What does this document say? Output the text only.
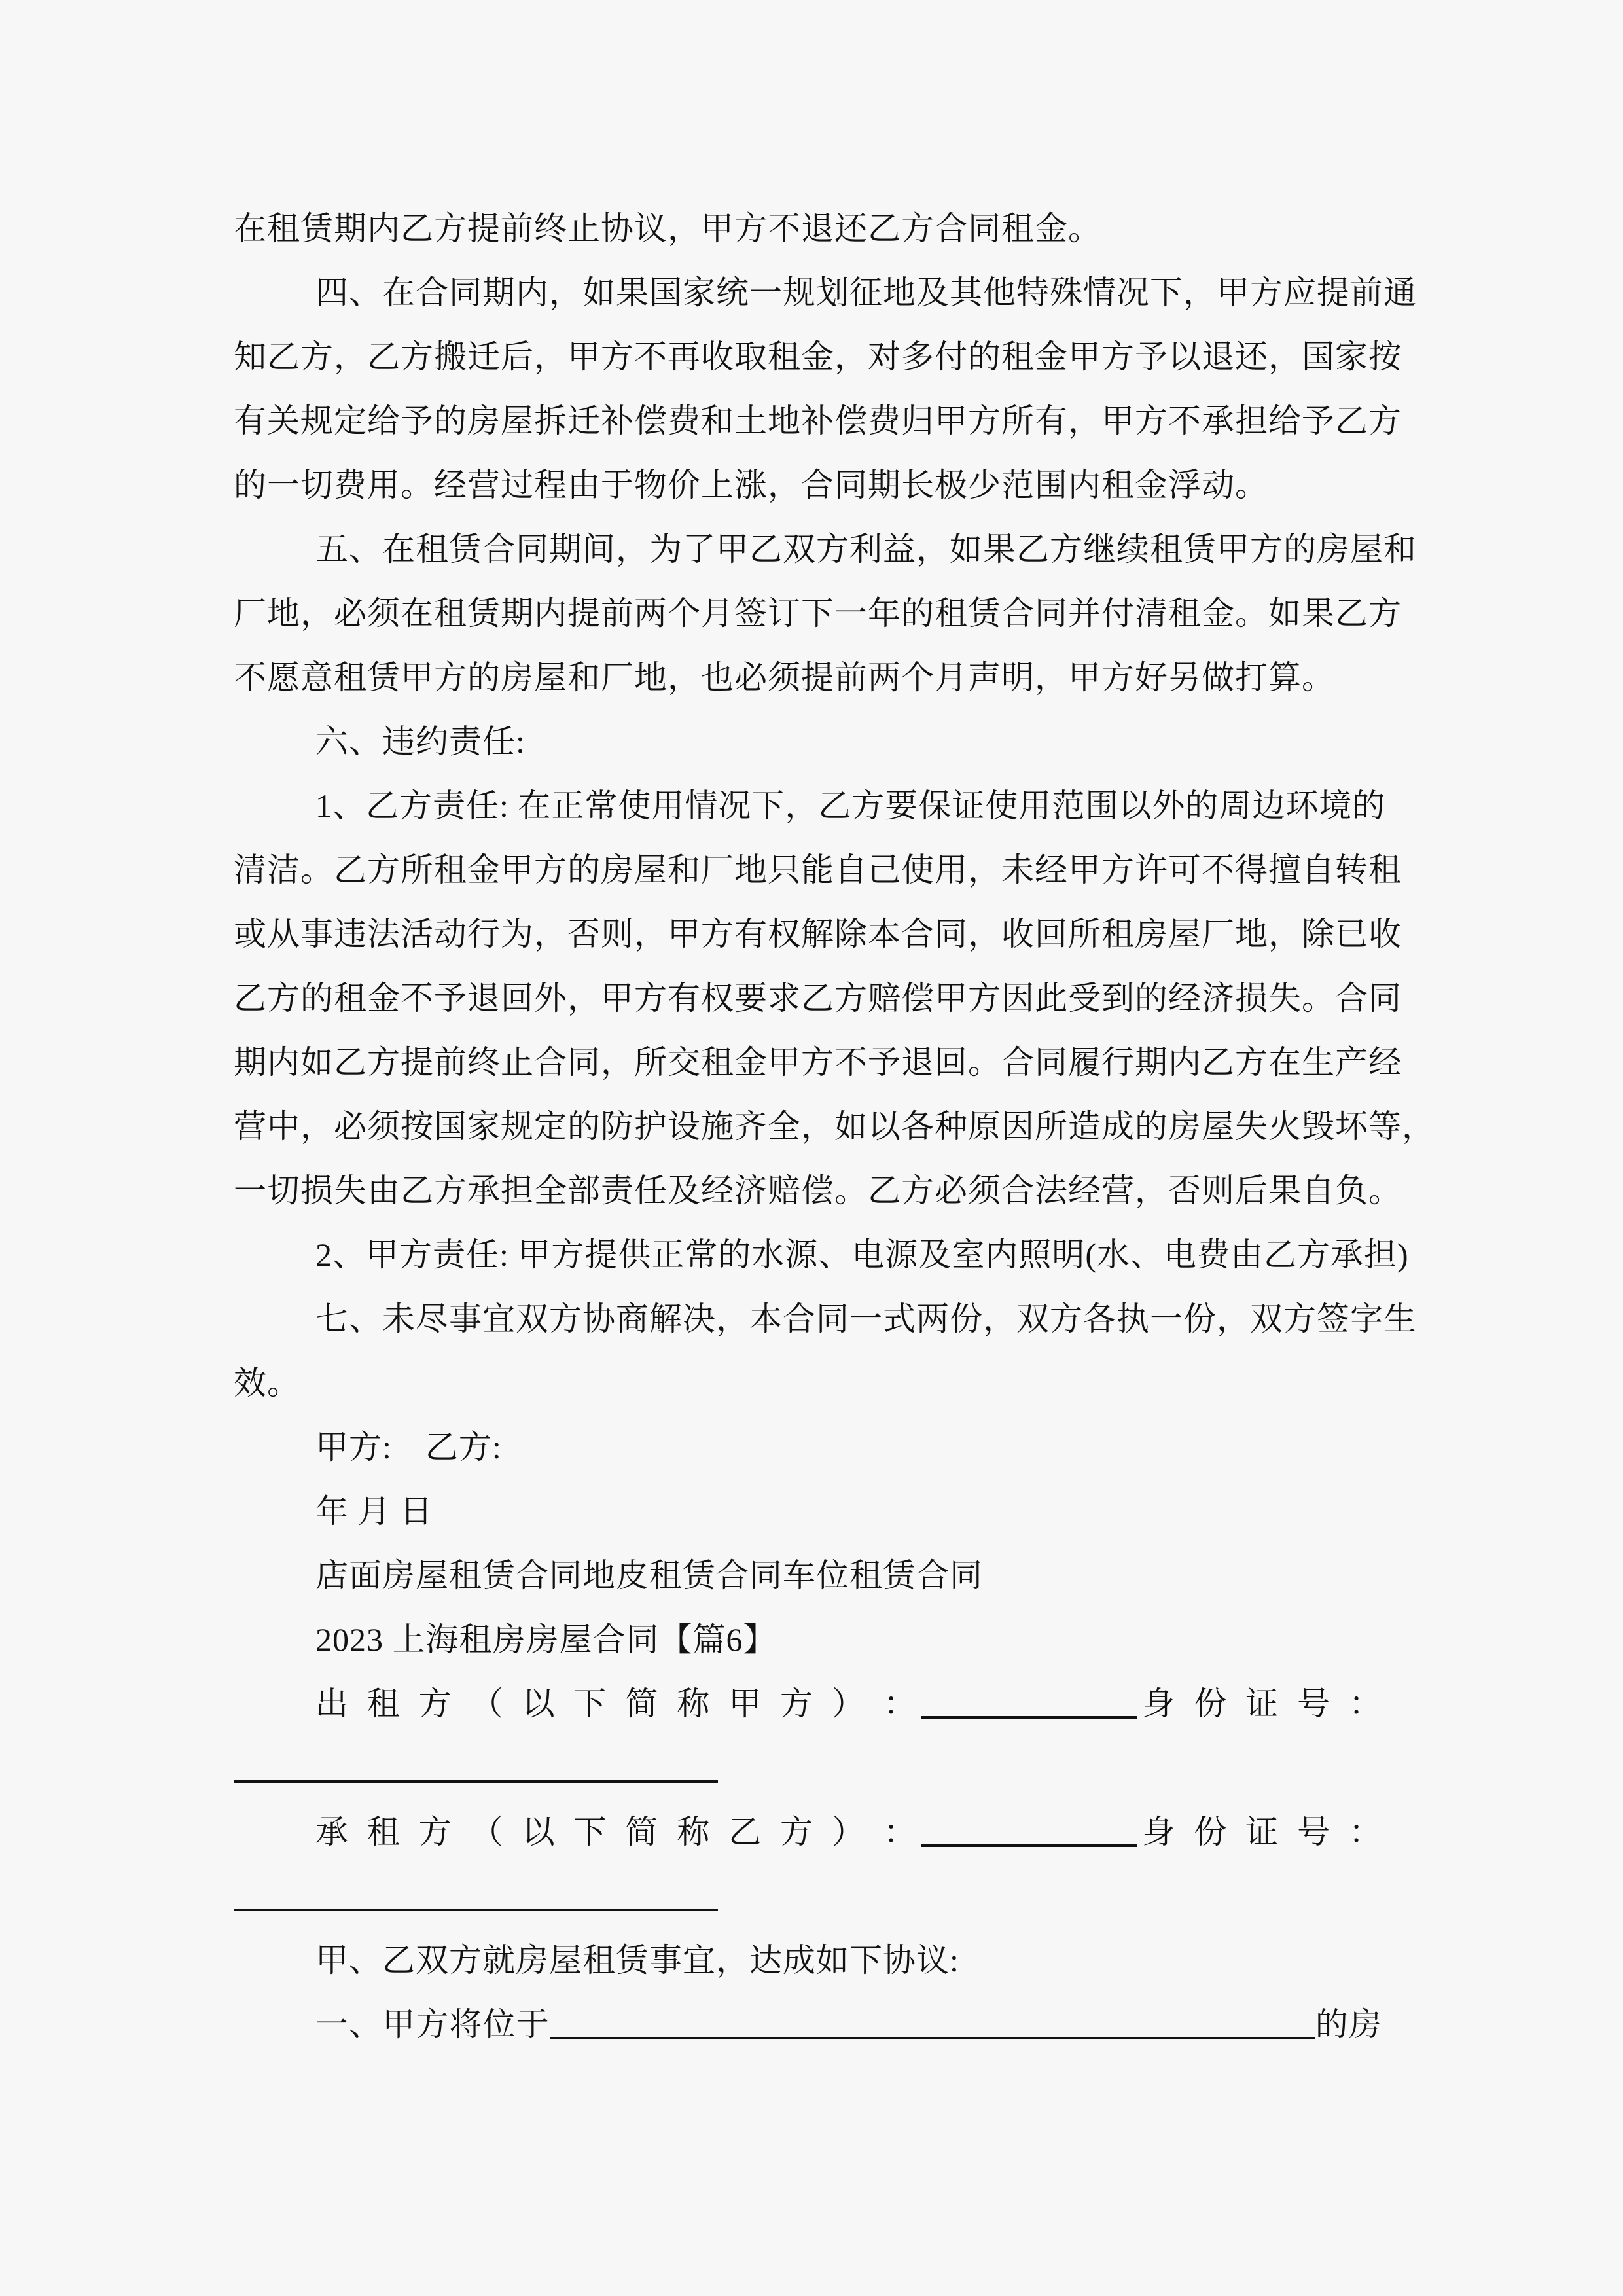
在租赁期内乙方提前终止协议，甲方不退还乙方合同租金。
四、在合同期内，如果国家统一规划征地及其他特殊情况下，甲方应提前通
知乙方，乙方搬迁后，甲方不再收取租金，对多付的租金甲方予以退还，国家按
有关规定给予的房屋拆迁补偿费和土地补偿费归甲方所有，甲方不承担给予乙方
的一切费用。经营过程由于物价上涨，合同期长极少范围内租金浮动。
五、在租赁合同期间，为了甲乙双方利益，如果乙方继续租赁甲方的房屋和
厂地，必须在租赁期内提前两个月签订下一年的租赁合同并付清租金。如果乙方
不愿意租赁甲方的房屋和厂地，也必须提前两个月声明，甲方好另做打算。
六、违约责任:
1、乙方责任: 在正常使用情况下，乙方要保证使用范围以外的周边环境的
清洁。乙方所租金甲方的房屋和厂地只能自己使用，未经甲方许可不得擅自转租
或从事违法活动行为，否则，甲方有权解除本合同，收回所租房屋厂地，除已收
乙方的租金不予退回外，甲方有权要求乙方赔偿甲方因此受到的经济损失。合同
期内如乙方提前终止合同，所交租金甲方不予退回。合同履行期内乙方在生产经
营中，必须按国家规定的防护设施齐全，如以各种原因所造成的房屋失火毁坏等，
一切损失由乙方承担全部责任及经济赔偿。乙方必须合法经营，否则后果自负。
2、甲方责任: 甲方提供正常的水源、电源及室内照明(水、电费由乙方承担)
七、未尽事宜双方协商解决，本合同一式两份，双方各执一份，双方签字生
效。
甲方:　乙方:
年 月 日
店面房屋租赁合同地皮租赁合同车位租赁合同
2023 上海租房房屋合同【篇6】
出 租 方 （ 以 下 简 称 甲 方 ） ：	身 份 证 号 ：
承 租 方 （ 以 下 简 称 乙 方 ） ：	身 份 证 号 ：
甲、乙双方就房屋租赁事宜，达成如下协议:
一、甲方将位于	的房
